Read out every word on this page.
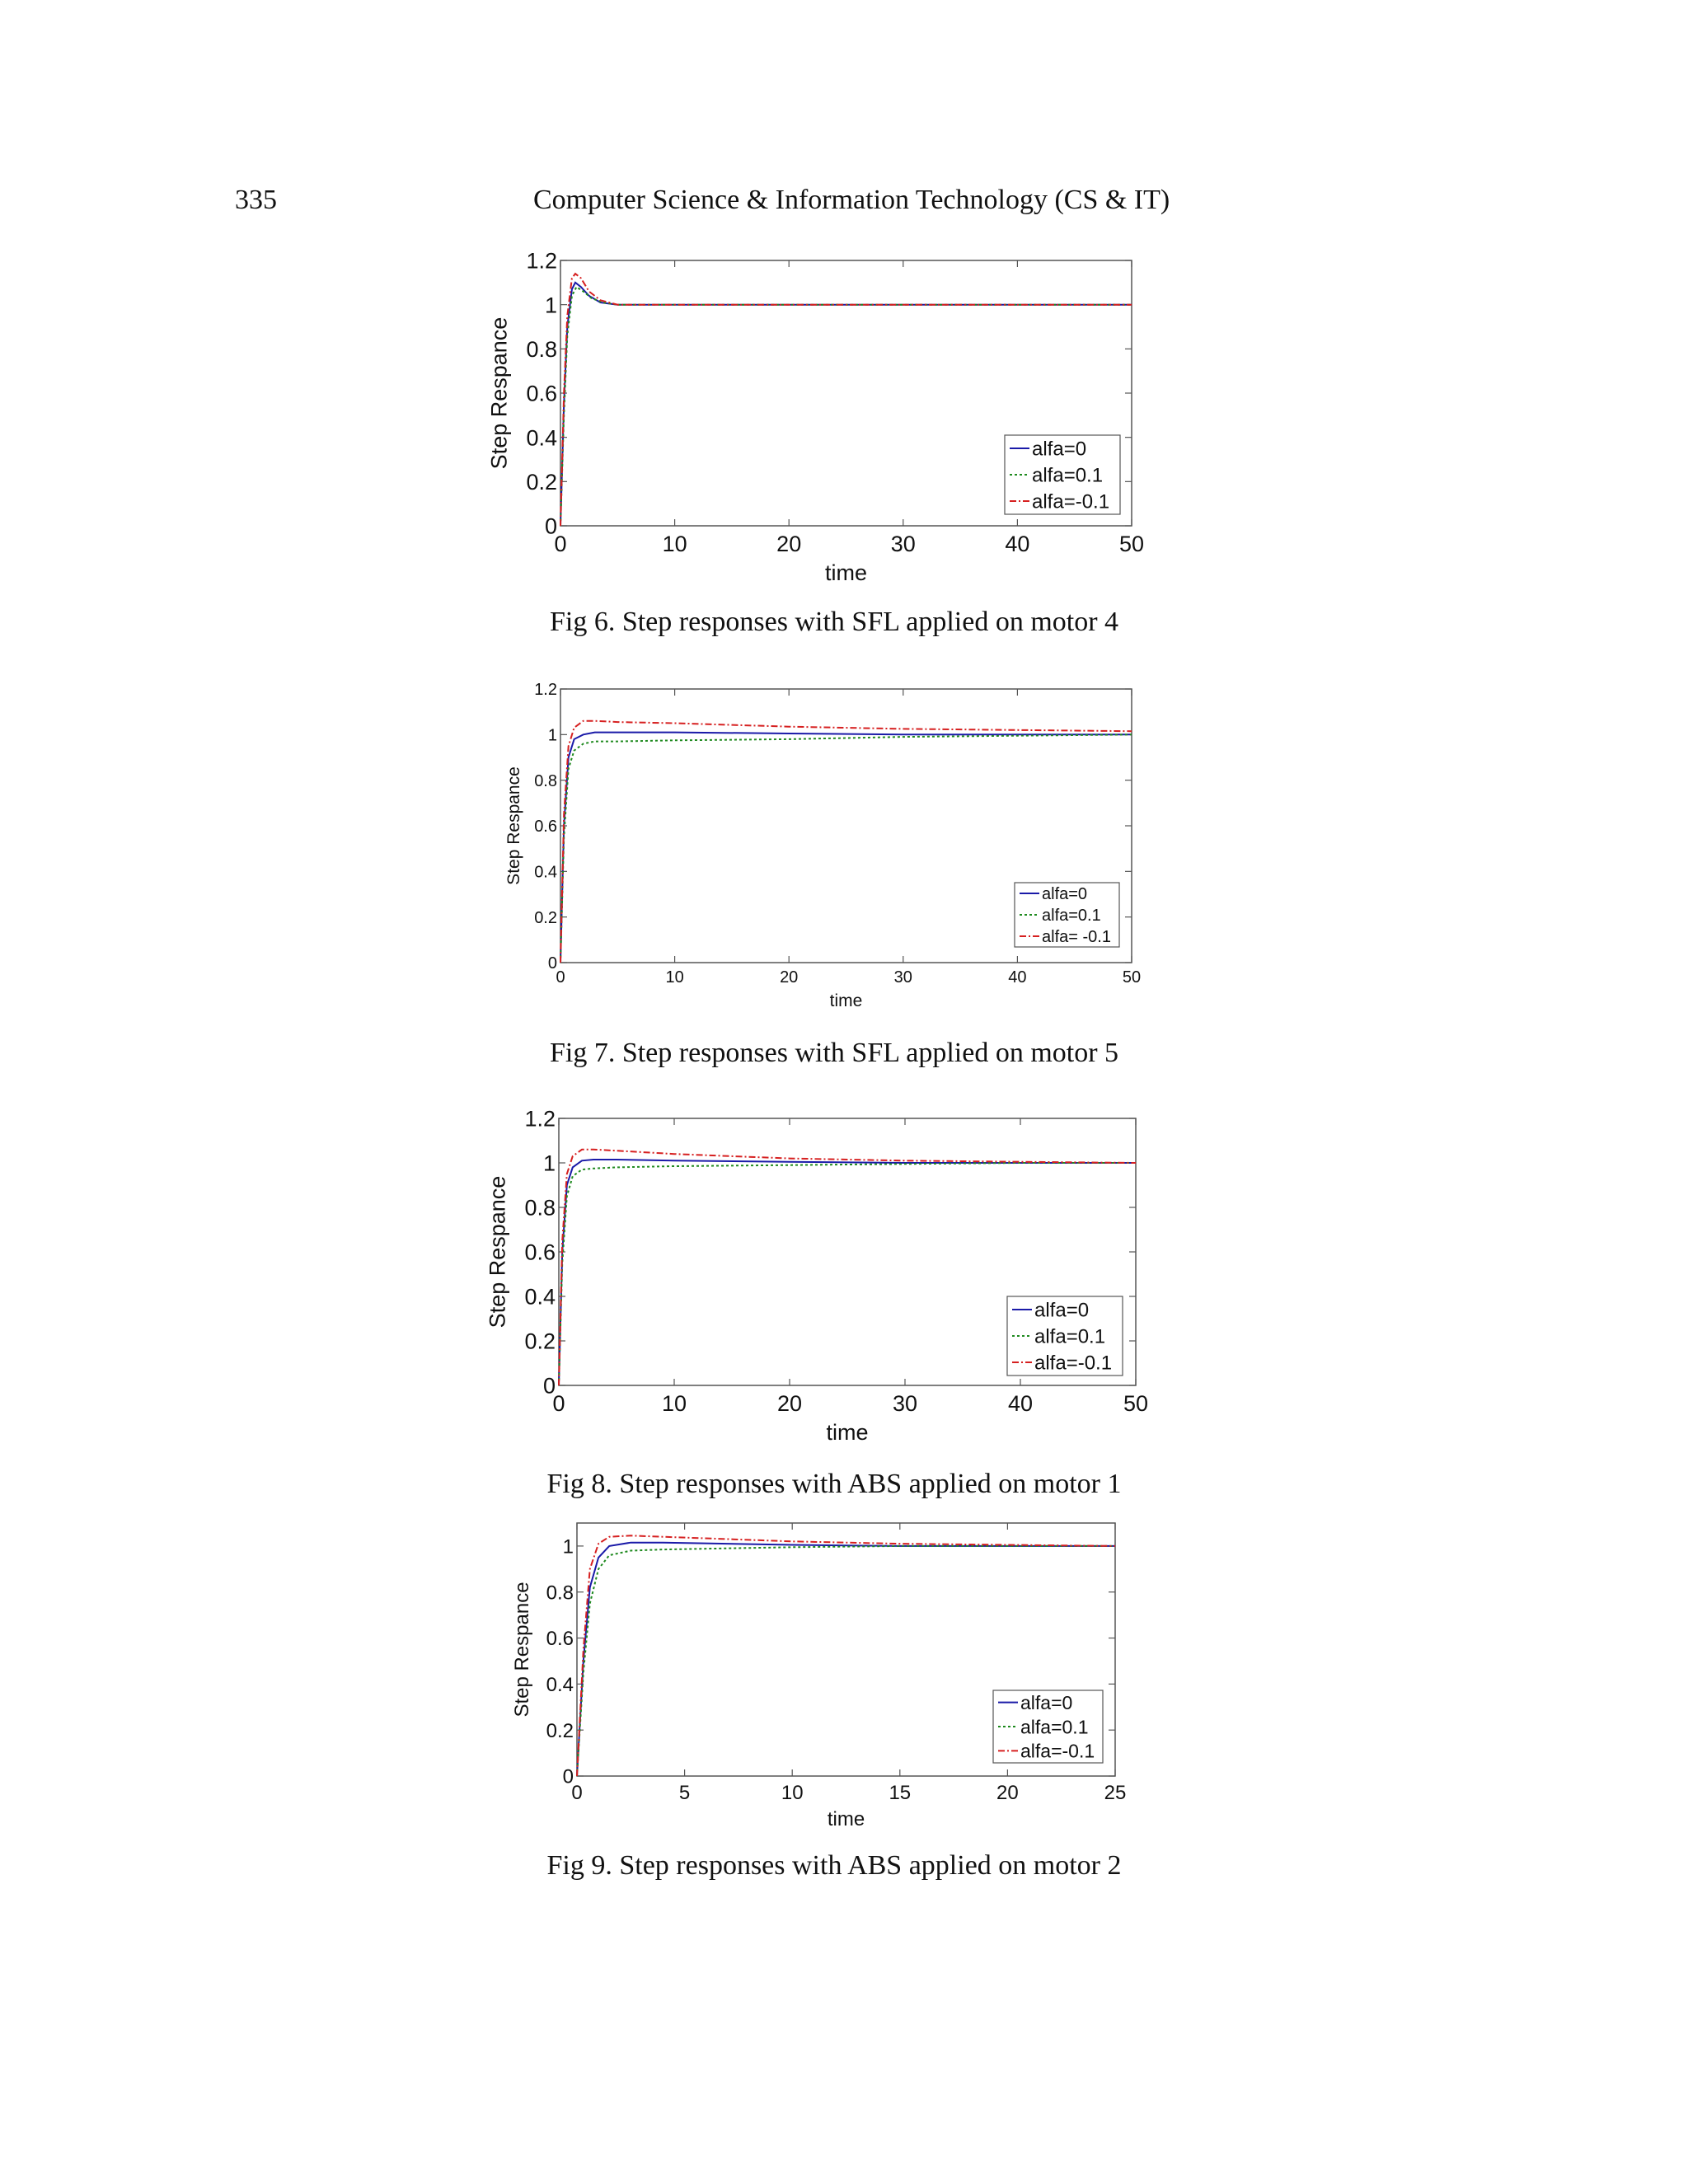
335	Computer Science & Information Technology (CS & IT)
0	10	20	30	40	50
0
0.2
0.4
0.6
0.8
1
1.2
time
Step Respance	alfa=0
alfa=0.1
alfa=-0.1
Fig 6. Step responses with SFL applied on motor 4
0	10	20	30	40	50
0
0.2
0.4
0.6
0.8
1
1.2
time
Step Respance
alfa=0
alfa=0.1
alfa= -0.1
Fig 7. Step responses with SFL applied on motor 5
0	10	20	30	40	50
0
0.2
0.4
0.6
0.8
1
1.2
time
Step Respance	alfa=0
alfa=0.1
alfa=-0.1
Fig 8. Step responses with ABS applied on motor 1
0	5	10	15	20	25
0
0.2
0.4
0.6
0.8
1
time
Step Respance	alfa=0
alfa=0.1
alfa=-0.1
Fig 9. Step responses with ABS applied on motor 2
